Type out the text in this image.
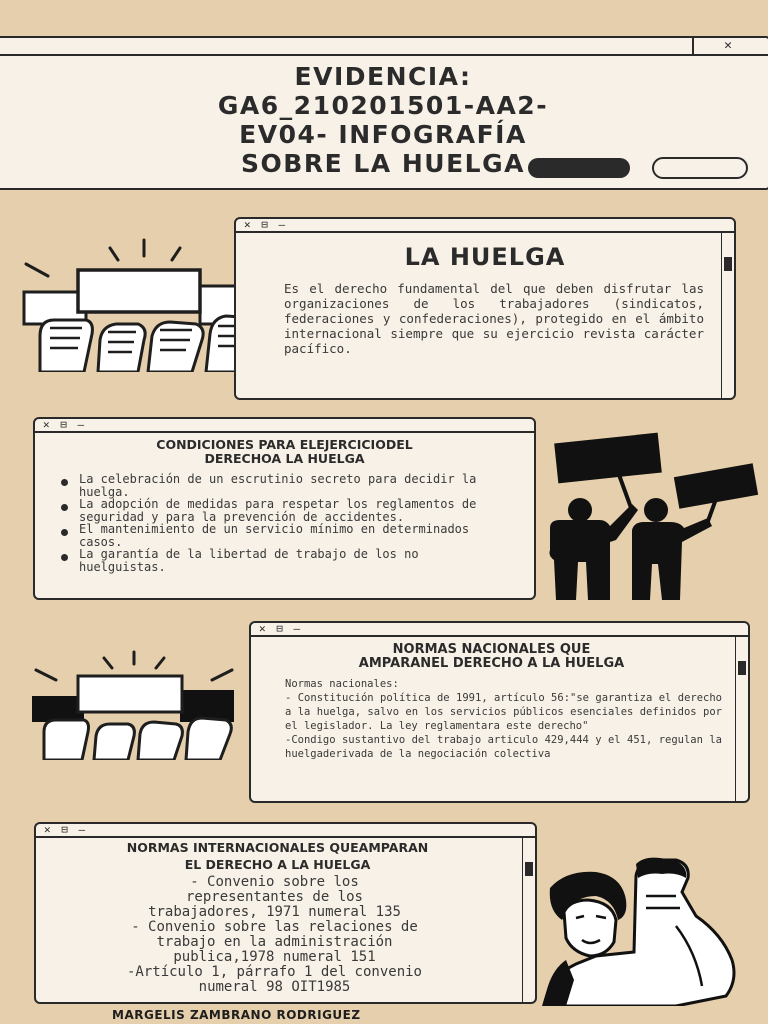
✕
EVIDENCIA:
GA6_210201501-AA2-
EV04- INFOGRAFÍA
SOBRE LA HUELGA
✕ ⊟ –
LA HUELGA
Es el derecho fundamental del que deben disfrutar las organizaciones de los trabajadores (sindicatos, federaciones y confederaciones), protegido en el ámbito internacional siempre que su ejercicio revista carácter pacífico.
✕ ⊟ –
CONDICIONES PARA ELEJERCICIODEL
DERECHOA LA HUELGA
La celebración de un escrutinio secreto para decidir la huelga.
La adopción de medidas para respetar los reglamentos de seguridad y para la prevención de accidentes.
El mantenimiento de un servicio mínimo en determinados casos.
La garantía de la libertad de trabajo de los no huelguistas.
✕ ⊟ –
NORMAS NACIONALES QUE
AMPARANEL DERECHO A LA HUELGA
Normas nacionales:
- Constitución política de 1991, artículo 56:"se garantiza el derecho a la huelga, salvo en los servicios públicos esenciales definidos por el legislador. La ley reglamentara este derecho"
-Condigo sustantivo del trabajo articulo 429,444 y el 451, regulan la huelgaderivada de la negociación colectiva
✕ ⊟ –
NORMAS INTERNACIONALES QUEAMPARAN
EL DERECHO A LA HUELGA
- Convenio sobre los
representantes de los
trabajadores, 1971 numeral 135
- Convenio sobre las relaciones de
trabajo en la administración
publica,1978 numeral 151
-Artículo 1, párrafo 1 del convenio
numeral 98 OIT1985
MARGELIS ZAMBRANO RODRIGUEZ
